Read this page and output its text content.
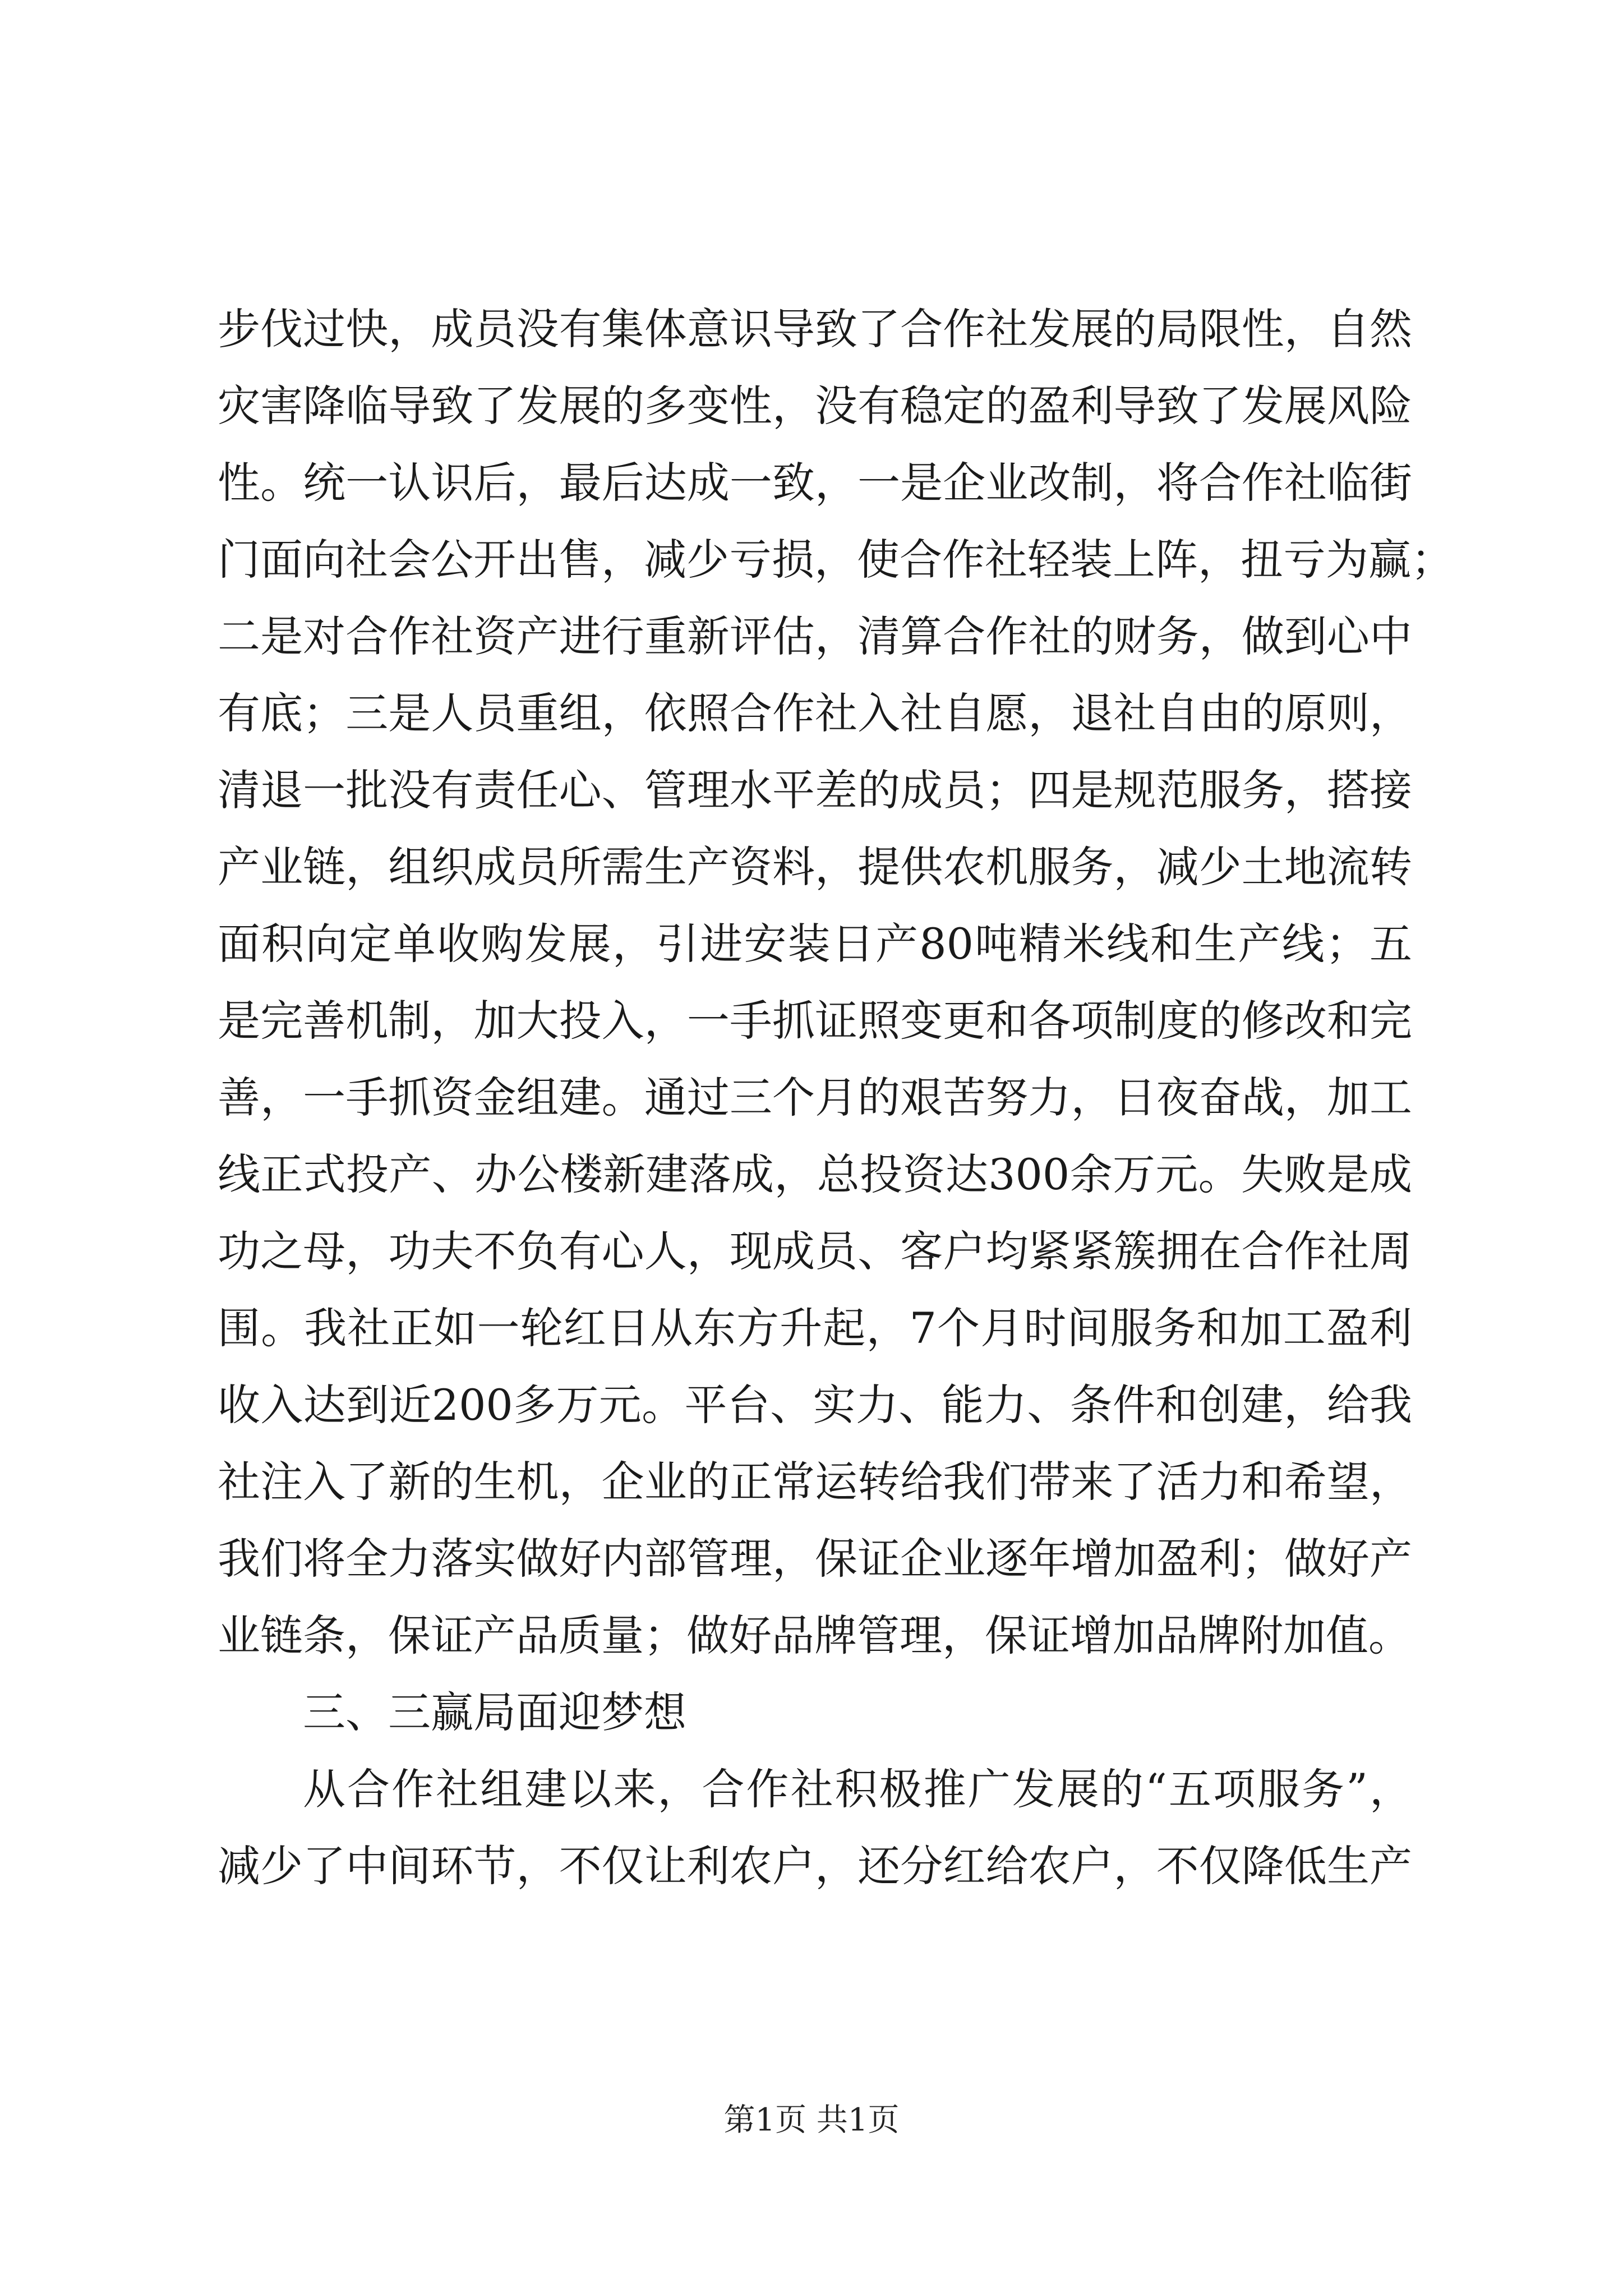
步伐过快，成员没有集体意识导致了合作社发展的局限性，自然
灾害降临导致了发展的多变性，没有稳定的盈利导致了发展风险
性。统一认识后，最后达成一致，一是企业改制，将合作社临街
门面向社会公开出售，减少亏损，使合作社轻装上阵，扭亏为赢；
二是对合作社资产进行重新评估，清算合作社的财务，做到心中
有底；三是人员重组，依照合作社入社自愿，退社自由的原则，
清退一批没有责任心、管理水平差的成员；四是规范服务，搭接
产业链，组织成员所需生产资料，提供农机服务，减少土地流转
面积向定单收购发展，引进安装日产80吨精米线和生产线；五
是完善机制，加大投入，一手抓证照变更和各项制度的修改和完
善，一手抓资金组建。通过三个月的艰苦努力，日夜奋战，加工
线正式投产、办公楼新建落成，总投资达300余万元。失败是成
功之母，功夫不负有心人，现成员、客户均紧紧簇拥在合作社周
围。我社正如一轮红日从东方升起，7个月时间服务和加工盈利
收入达到近200多万元。平台、实力、能力、条件和创建，给我
社注入了新的生机，企业的正常运转给我们带来了活力和希望，
我们将全力落实做好内部管理，保证企业逐年增加盈利；做好产
业链条，保证产品质量；做好品牌管理，保证增加品牌附加值。
三、三赢局面迎梦想
从合作社组建以来，合作社积极推广发展的“五项服务”，
减少了中间环节，不仅让利农户，还分红给农户，不仅降低生产
第1页 共1页
